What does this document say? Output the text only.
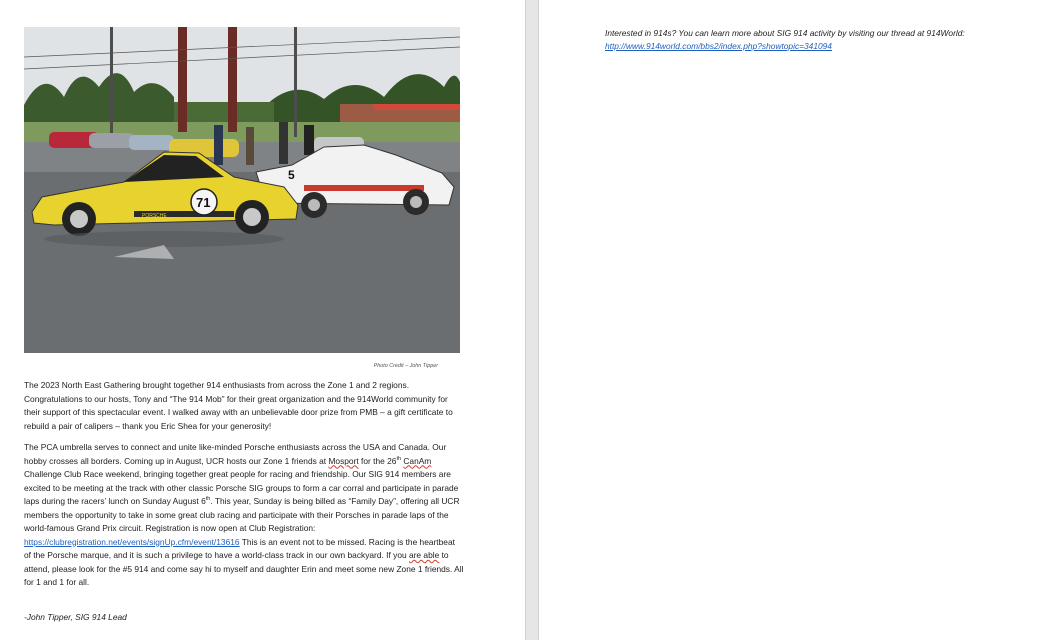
5
PORSCHE
71
Photo Credit – John Tipper

The 2023 North East Gathering brought together 914 enthusiasts from across the Zone 1 and 2 regions. Congratulations to our hosts, Tony and “The 914 Mob” for their great organization and the 914World community for their support of this spectacular event. I walked away with an unbelievable door prize from PMB – a gift certificate to rebuild a pair of calipers – thank you Eric Shea for your generosity!

The PCA umbrella serves to connect and unite like-minded Porsche enthusiasts across the USA and Canada. Our hobby crosses all borders. Coming up in August, UCR hosts our Zone 1 friends at Mosport for the 26th CanAm Challenge Club Race weekend, bringing together great people for racing and friendship. Our SIG 914 members are excited to be meeting at the track with other classic Porsche SIG groups to form a car corral and participate in parade laps during the racers’ lunch on Sunday August 6th. This year, Sunday is being billed as “Family Day”, offering all UCR members the opportunity to take in some great club racing and participate with their Porsches in parade laps of the world-famous Grand Prix circuit. Registration is now open at Club Registration: https://clubregistration.net/events/signUp.cfm/event/13616 This is an event not to be missed. Racing is the heartbeat of the Porsche marque, and it is such a privilege to have a world-class track in our own backyard. If you are able to attend, please look for the #5 914 and come say hi to myself and daughter Erin and meet some new Zone 1 friends. All for 1 and 1 for all.

-John Tipper, SIG 914 Lead
Interested in 914s? You can learn more about SIG 914 activity by visiting our thread at 914World:
http://www.914world.com/bbs2/index.php?showtopic=341094
